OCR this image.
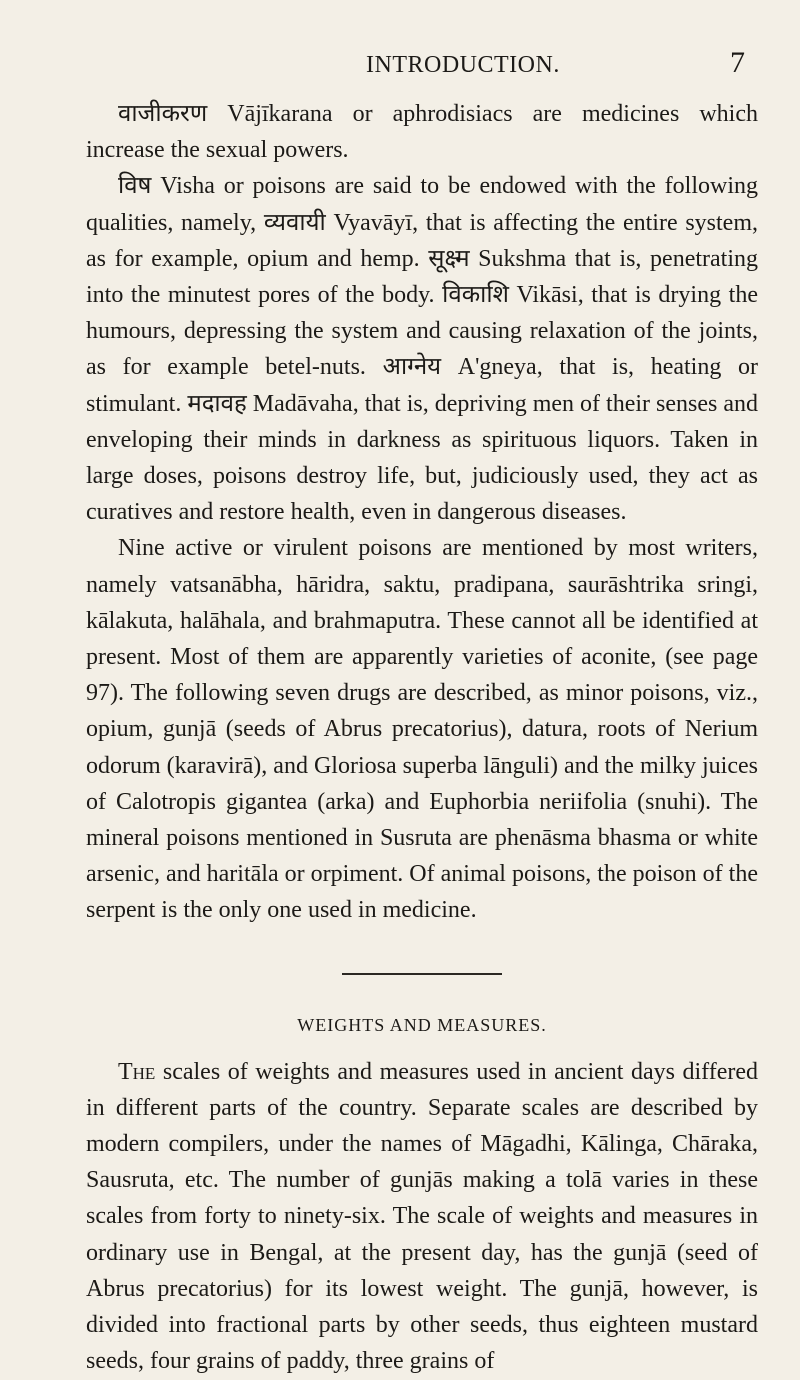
INTRODUCTION.	7

वाजीकरण Vājīkarana or aphrodisiacs are medicines which increase the sexual powers.

विष Visha or poisons are said to be endowed with the following qualities, namely, व्यवायी Vyavāyī, that is affecting the entire system, as for example, opium and hemp. सूक्ष्म Sukshma that is, penetrating into the minutest pores of the body. विकाशि Vikāsi, that is drying the humours, depressing the system and causing relaxation of the joints, as for example betel-nuts. आग्नेय A'gneya, that is, heating or stimulant. मदावह Madāvaha, that is, depriving men of their senses and enveloping their minds in darkness as spirituous liquors. Taken in large doses, poisons destroy life, but, judiciously used, they act as curatives and restore health, even in dangerous diseases.

Nine active or virulent poisons are mentioned by most writers, namely vatsanābha, hāridra, saktu, pradipana, saurāshtrika sringi, kālakuta, halāhala, and brahmaputra. These cannot all be identified at present. Most of them are apparently varieties of aconite, (see page 97). The following seven drugs are described, as minor poisons, viz., opium, gunjā (seeds of Abrus precatorius), datura, roots of Nerium odorum (karavirā), and Gloriosa superba lānguli) and the milky juices of Calotropis gigantea (arka) and Euphorbia neriifolia (snuhi). The mineral poisons mentioned in Susruta are phenāsma bhasma or white arsenic, and haritāla or orpiment. Of animal poisons, the poison of the serpent is the only one used in medicine.

WEIGHTS AND MEASURES.

The scales of weights and measures used in ancient days differed in different parts of the country. Separate scales are described by modern compilers, under the names of Māgadhi, Kālinga, Chāraka, Sausruta, etc. The number of gunjās making a tolā varies in these scales from forty to ninety-six. The scale of weights and measures in ordinary use in Bengal, at the present day, has the gunjā (seed of Abrus precatorius) for its lowest weight. The gunjā, however, is divided into fractional parts by other seeds, thus eighteen mustard seeds, four grains of paddy, three grains of
